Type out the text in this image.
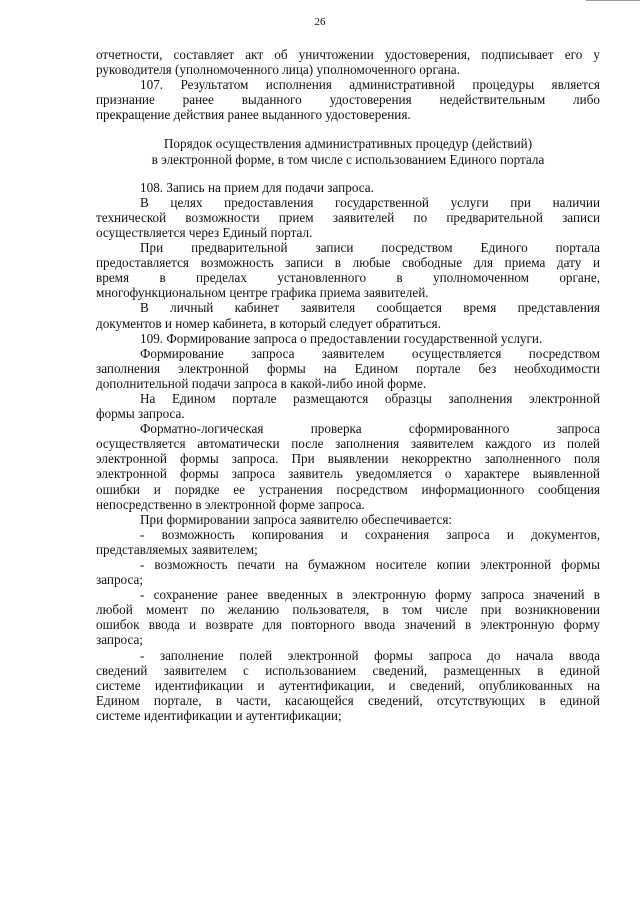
26
отчетности, составляет акт об уничтожении удостоверения, подписывает его у
руководителя (уполномоченного лица) уполномоченного органа.
107. Результатом исполнения административной процедуры является
признание ранее выданного удостоверения недействительным либо
прекращение действия ранее выданного удостоверения.
Порядок осуществления административных процедур (действий)
в электронной форме, в том числе с использованием Единого портала
108. Запись на прием для подачи запроса.
В целях предоставления государственной услуги при наличии
технической возможности прием заявителей по предварительной записи
осуществляется через Единый портал.
При предварительной записи посредством Единого портала
предоставляется возможность записи в любые свободные для приема дату и
время в пределах установленного в уполномоченном органе,
многофункциональном центре графика приема заявителей.
В личный кабинет заявителя сообщается время представления
документов и номер кабинета, в который следует обратиться.
109. Формирование запроса о предоставлении государственной услуги.
Формирование запроса заявителем осуществляется посредством
заполнения электронной формы на Едином портале без необходимости
дополнительной подачи запроса в какой-либо иной форме.
На Едином портале размещаются образцы заполнения электронной
формы запроса.
Форматно-логическая проверка сформированного запроса
осуществляется автоматически после заполнения заявителем каждого из полей
электронной формы запроса. При выявлении некорректно заполненного поля
электронной формы запроса заявитель уведомляется о характере выявленной
ошибки и порядке ее устранения посредством информационного сообщения
непосредственно в электронной форме запроса.
При формировании запроса заявителю обеспечивается:
- возможность копирования и сохранения запроса и документов,
представляемых заявителем;
- возможность печати на бумажном носителе копии электронной формы
запроса;
- сохранение ранее введенных в электронную форму запроса значений в
любой момент по желанию пользователя, в том числе при возникновении
ошибок ввода и возврате для повторного ввода значений в электронную форму
запроса;
- заполнение полей электронной формы запроса до начала ввода
сведений заявителем с использованием сведений, размещенных в единой
системе идентификации и аутентификации, и сведений, опубликованных на
Едином портале, в части, касающейся сведений, отсутствующих в единой
системе идентификации и аутентификации;
